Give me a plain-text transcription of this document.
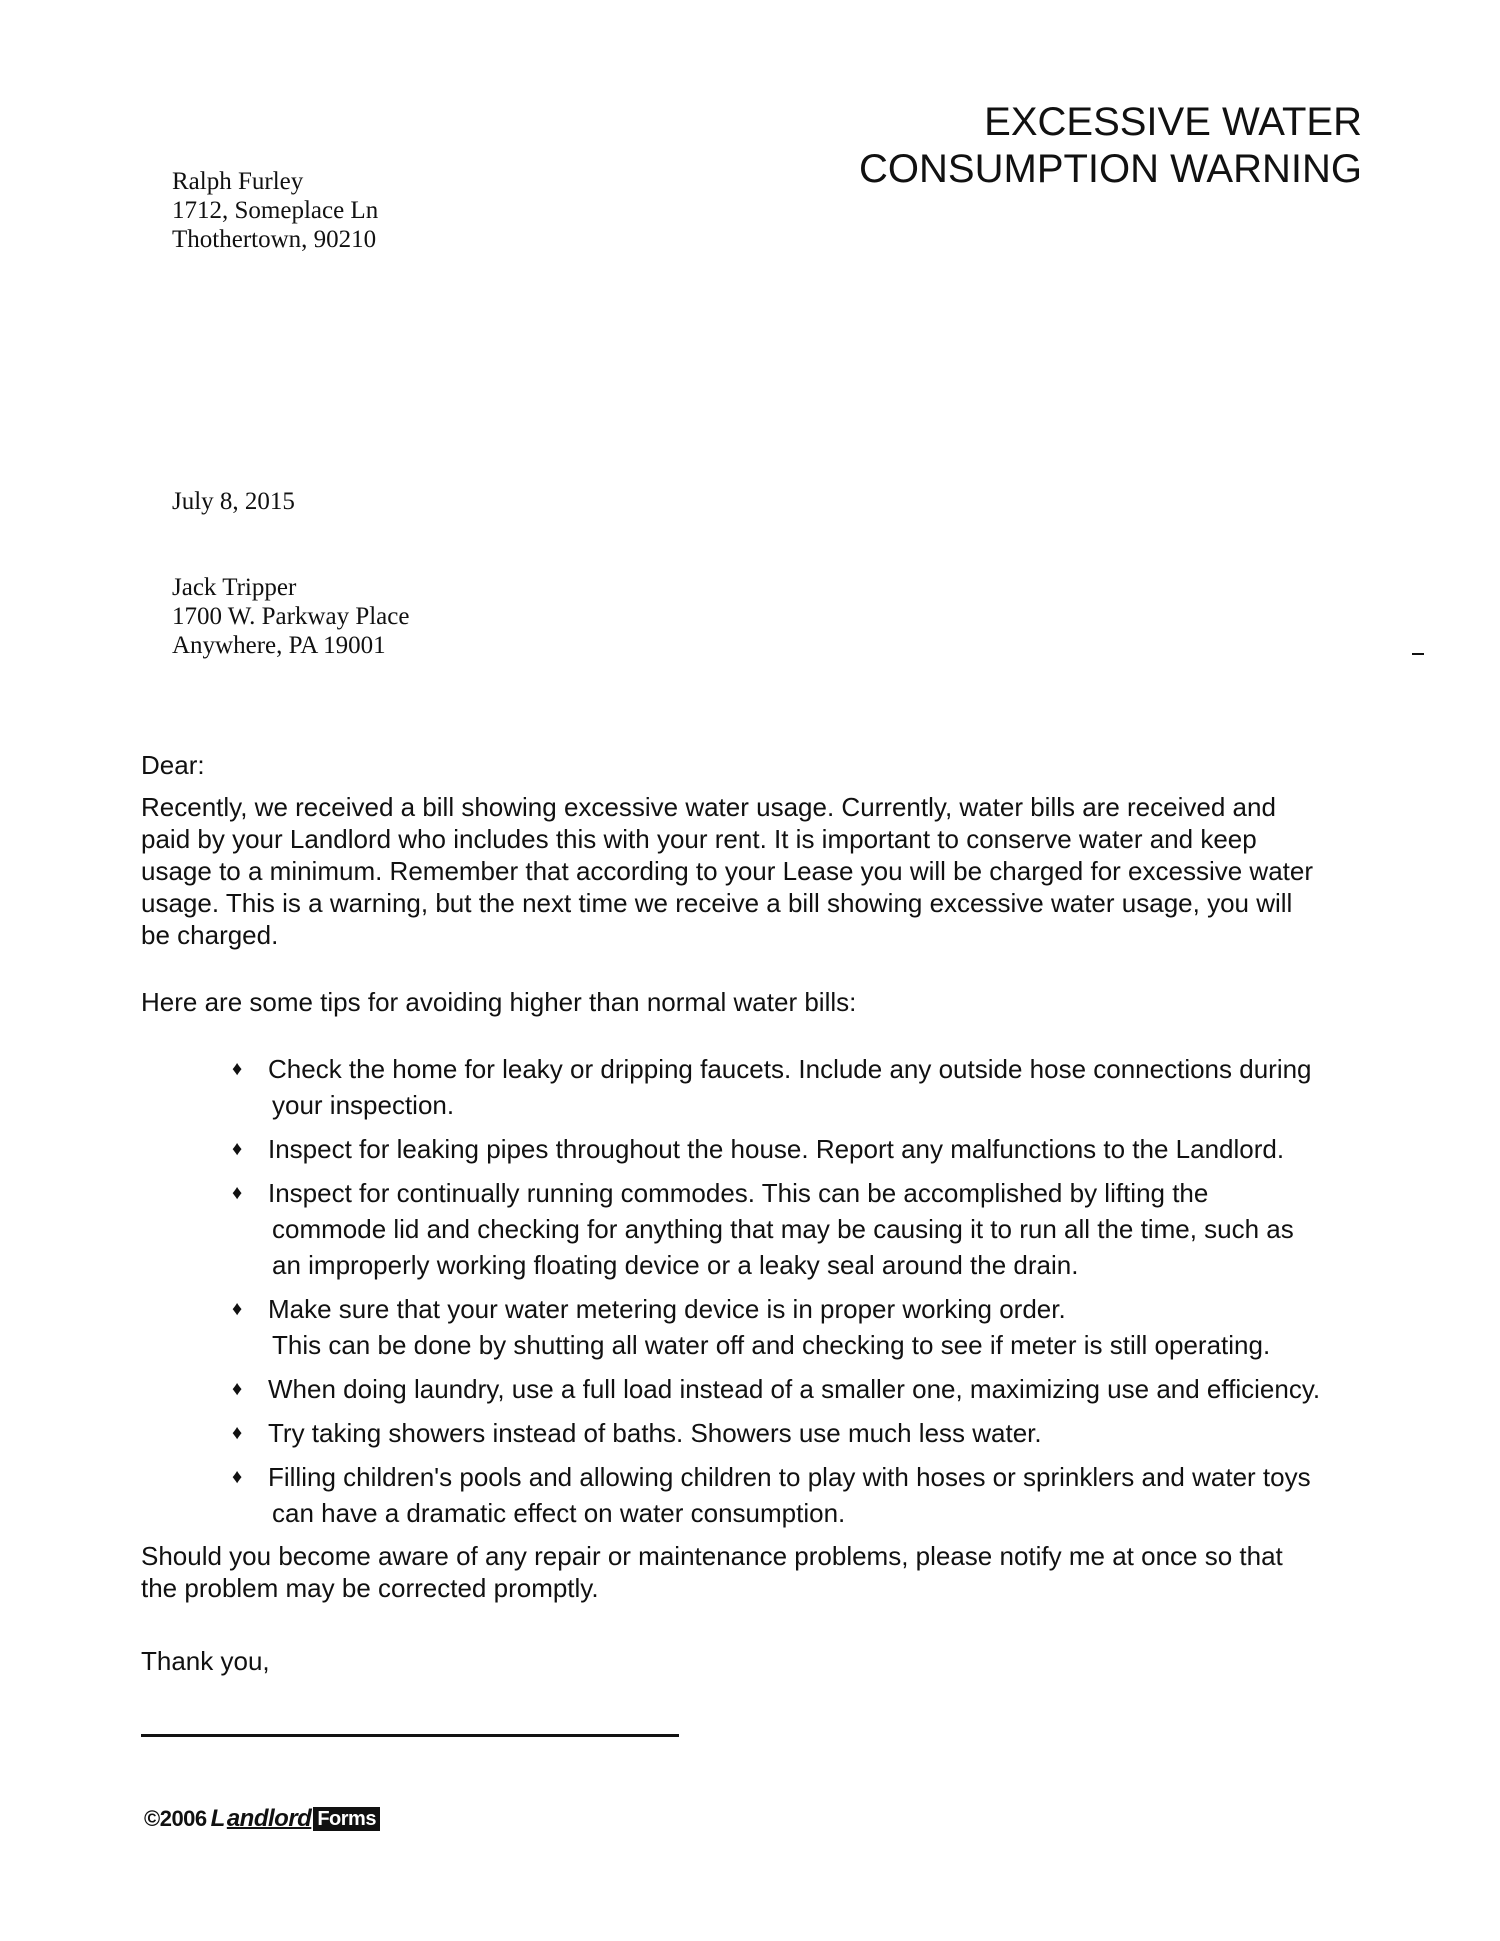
EXCESSIVE WATER
CONSUMPTION WARNING
Ralph Furley
1712, Someplace Ln
Thothertown, 90210
July 8, 2015
Jack Tripper
1700 W. Parkway Place
Anywhere, PA 19001
Dear:
Recently, we received a bill showing excessive water usage. Currently, water bills are received and
paid by your Landlord who includes this with your rent. It is important to conserve water and keep
usage to a minimum. Remember that according to your Lease you will be charged for excessive water
usage. This is a warning, but the next time we receive a bill showing excessive water usage, you will
be charged.
Here are some tips for avoiding higher than normal water bills:
♦ Check the home for leaky or dripping faucets. Include any outside hose connections during
your inspection.
♦ Inspect for leaking pipes throughout the house. Report any malfunctions to the Landlord.
♦ Inspect for continually running commodes. This can be accomplished by lifting the
commode lid and checking for anything that may be causing it to run all the time, such as
an improperly working floating device or a leaky seal around the drain.
♦ Make sure that your water metering device is in proper working order.
This can be done by shutting all water off and checking to see if meter is still operating.
♦ When doing laundry, use a full load instead of a smaller one, maximizing use and efficiency.
♦ Try taking showers instead of baths. Showers use much less water.
♦ Filling children's pools and allowing children to play with hoses or sprinklers and water toys
can have a dramatic effect on water consumption.
Should you become aware of any repair or maintenance problems, please notify me at once so that
the problem may be corrected promptly.
Thank you,
©2006 L andlord Forms
